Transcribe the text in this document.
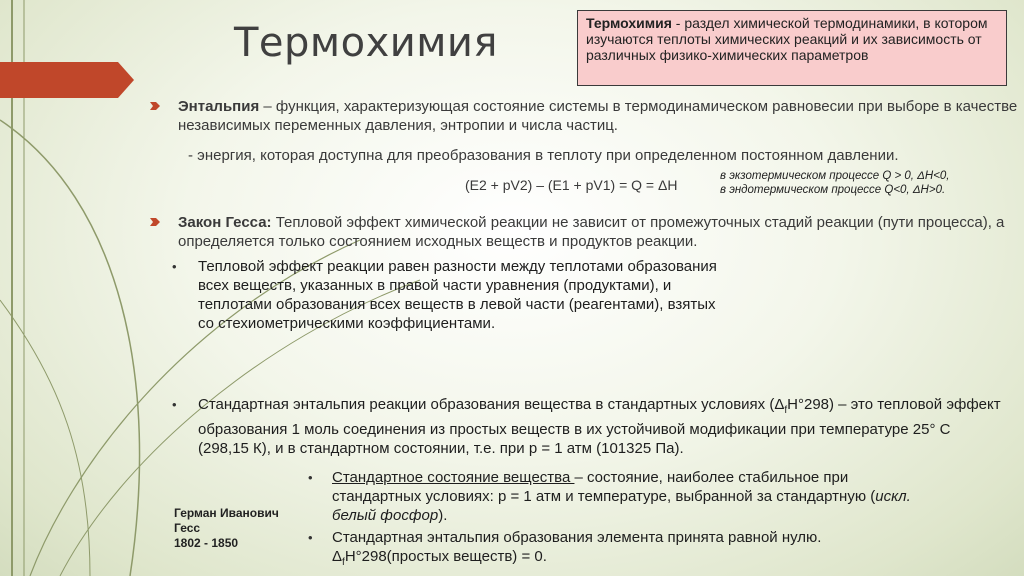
Термохимия	Термохимия - раздел химической термодинамики, в котором изучаются теплоты химических реакций и их зависимость от различных физико-химических параметров
Энтальпия – функция, характеризующая состояние системы в термодинамическом равновесии при выборе в качестве независимых переменных давления, энтропии и числа частиц.
- энергия, которая доступна для преобразования в теплоту при определенном постоянном давлении.
(E2 + pV2) – (E1 + pV1) = Q = ΔH
в экзотермическом процессе Q > 0, ΔH<0,
в эндотермическом процессе Q<0, ΔH>0.
Закон Гесса: Тепловой эффект химической реакции не зависит от промежуточных стадий реакции (пути процесса), а определяется только состоянием исходных веществ и продуктов реакции.
• Тепловой эффект реакции равен разности между теплотами образования всех веществ, указанных в правой части уравнения (продуктами), и теплотами образования всех веществ в левой части (реагентами), взятых со стехиометрическими коэффициентами.
• Стандартная энтальпия реакции образования вещества в стандартных условиях $(\Delta_fH^\circ 298)$ – это тепловой эффект образования 1 моль соединения из простых веществ в их устойчивой модификации при температуре 25° С (298,15 К), и в стандартном состоянии, т.е. при р = 1 атм (101325 Па).
• Стандартное состояние вещества – состояние, наиболее стабильное при стандартных условиях: р = 1 атм и температуре, выбранной за стандартную (искл. белый фосфор).
• Стандартная энтальпия образования элемента принята равной нулю.
$\Delta_fH^\circ 298(простых$ веществ) = 0.
Герман Иванович
Гесс
1802 - 1850
